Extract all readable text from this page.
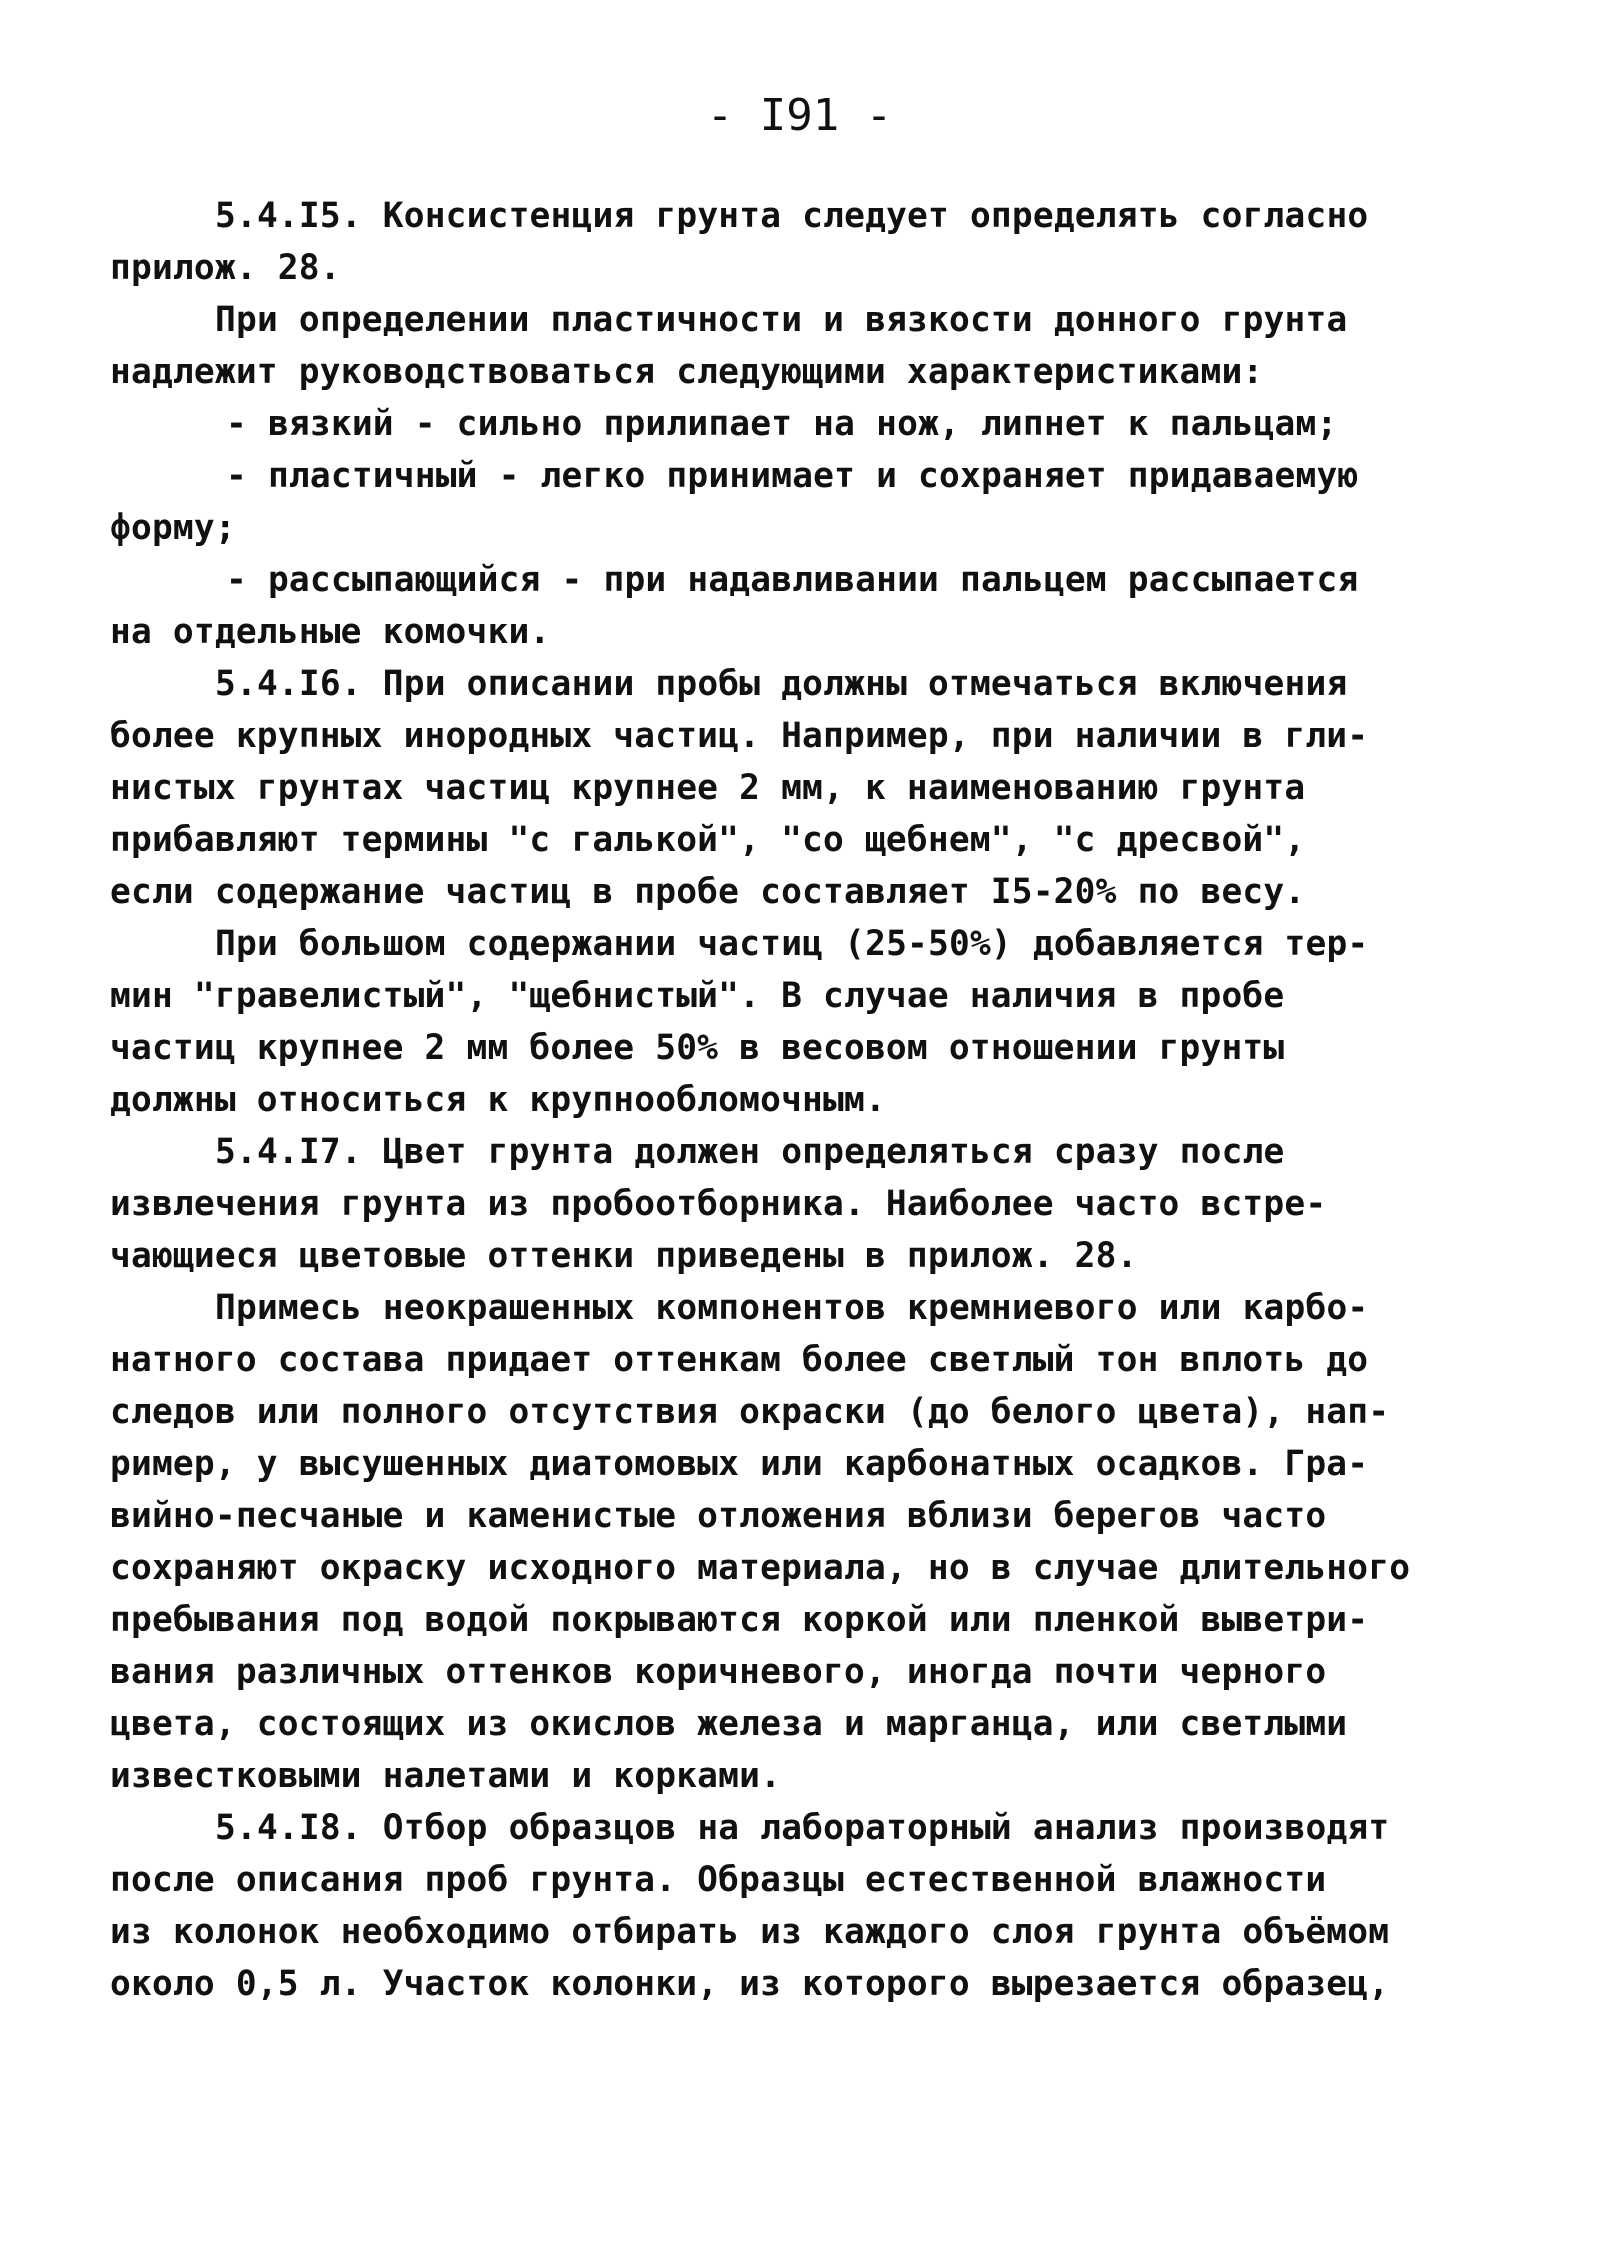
- I91 -
5.4.I5. Консистенция грунта следует определять согласно
прилож. 28.
При определении пластичности и вязкости донного грунта
надлежит руководствоваться следующими характеристиками:
- вязкий - сильно прилипает на нож, липнет к пальцам;
- пластичный - легко принимает и сохраняет придаваемую
форму;
- рассыпающийся - при надавливании пальцем рассыпается
на отдельные комочки.
5.4.I6. При описании пробы должны отмечаться включения
более крупных инородных частиц. Например, при наличии в гли-
нистых грунтах частиц крупнее 2 мм, к наименованию грунта
прибавляют термины "с галькой", "со щебнем", "с дресвой",
если содержание частиц в пробе составляет I5-20% по весу.
При большом содержании частиц (25-50%) добавляется тер-
мин "гравелистый", "щебнистый". В случае наличия в пробе
частиц крупнее 2 мм более 50% в весовом отношении грунты
должны относиться к крупнообломочным.
5.4.I7. Цвет грунта должен определяться сразу после
извлечения грунта из пробоотборника. Наиболее часто встре-
чающиеся цветовые оттенки приведены в прилож. 28.
Примесь неокрашенных компонентов кремниевого или карбо-
натного состава придает оттенкам более светлый тон вплоть до
следов или полного отсутствия окраски (до белого цвета), нап-
ример, у высушенных диатомовых или карбонатных осадков. Гра-
вийно-песчаные и каменистые отложения вблизи берегов часто
сохраняют окраску исходного материала, но в случае длительного
пребывания под водой покрываются коркой или пленкой выветри-
вания различных оттенков коричневого, иногда почти черного
цвета, состоящих из окислов железа и марганца, или светлыми
известковыми налетами и корками.
5.4.I8. Отбор образцов на лабораторный анализ производят
после описания проб грунта. Образцы естественной влажности
из колонок необходимо отбирать из каждого слоя грунта объёмом
около 0,5 л. Участок колонки, из которого вырезается образец,
